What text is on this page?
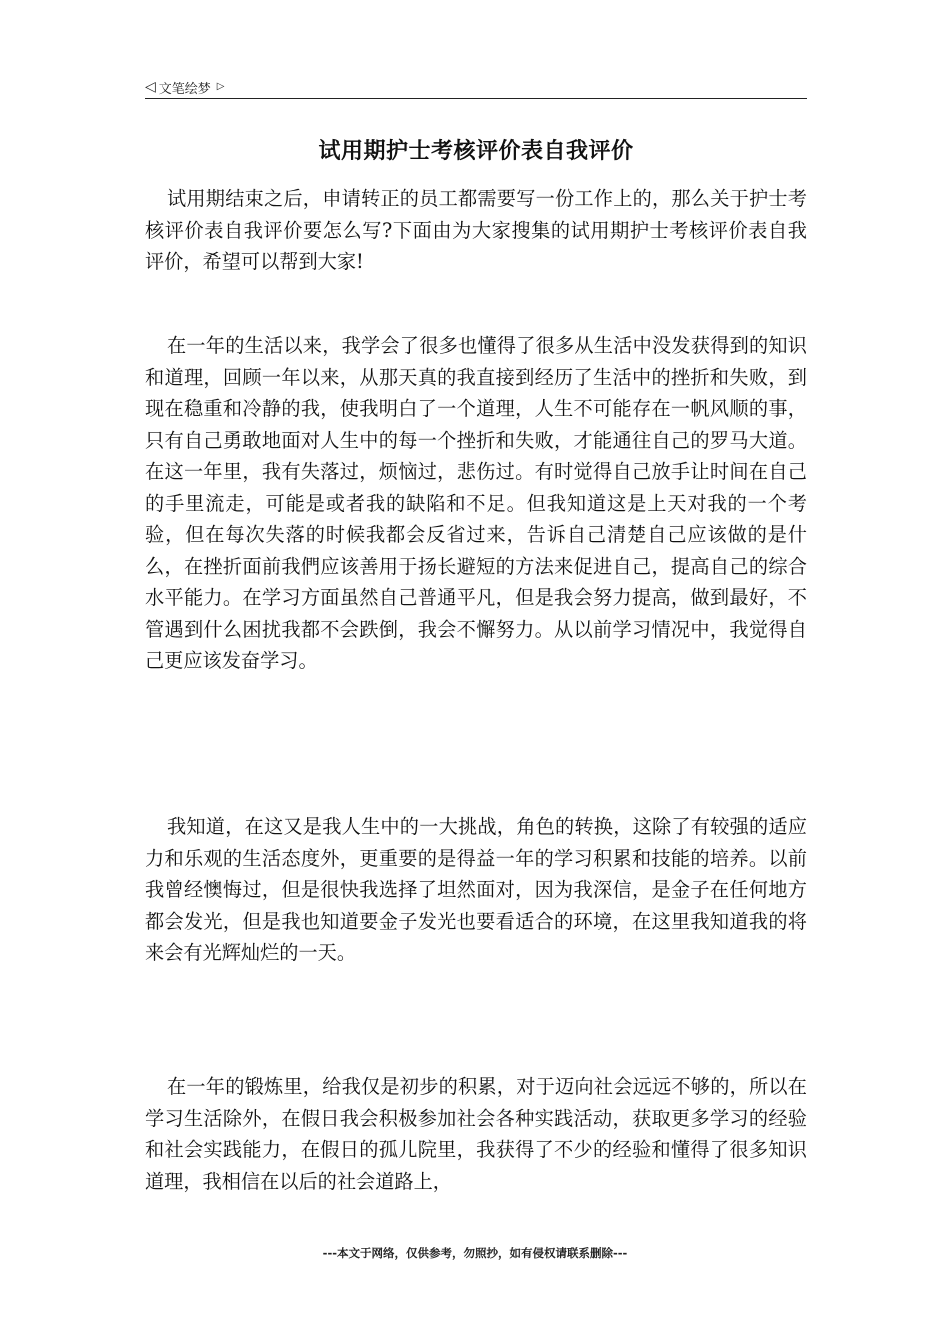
◁ 文笔绘梦 ▷
试用期护士考核评价表自我评价

试用期结束之后，申请转正的员工都需要写一份工作上的，那么关于护士考核评价表自我评价要怎么写?下面由为大家搜集的试用期护士考核评价表自我评价，希望可以帮到大家!

在一年的生活以来，我学会了很多也懂得了很多从生活中没发获得到的知识和道理，回顾一年以来，从那天真的我直接到经历了生活中的挫折和失败，到现在稳重和冷静的我，使我明白了一个道理，人生不可能存在一帆风顺的事，只有自己勇敢地面对人生中的每一个挫折和失败，才能通往自己的罗马大道。在这一年里，我有失落过，烦恼过，悲伤过。有时觉得自己放手让时间在自己的手里流走，可能是或者我的缺陷和不足。但我知道这是上天对我的一个考验，但在每次失落的时候我都会反省过来，告诉自己清楚自己应该做的是什么，在挫折面前我們应该善用于扬长避短的方法来促进自己，提高自己的综合水平能力。在学习方面虽然自己普通平凡，但是我会努力提高，做到最好，不管遇到什么困扰我都不会跌倒，我会不懈努力。从以前学习情况中，我觉得自己更应该发奋学习。

我知道，在这又是我人生中的一大挑战，角色的转换，这除了有较强的适应力和乐观的生活态度外，更重要的是得益一年的学习积累和技能的培养。以前我曾经懊悔过，但是很快我选择了坦然面对，因为我深信，是金子在任何地方都会发光，但是我也知道要金子发光也要看适合的环境，在这里我知道我的将来会有光辉灿烂的一天。

在一年的锻炼里，给我仅是初步的积累，对于迈向社会远远不够的，所以在学习生活除外，在假日我会积极参加社会各种实践活动，获取更多学习的经验和社会实践能力，在假日的孤儿院里，我获得了不少的经验和懂得了很多知识道理，我相信在以后的社会道路上，

---本文于网络，仅供参考，勿照抄，如有侵权请联系删除---
